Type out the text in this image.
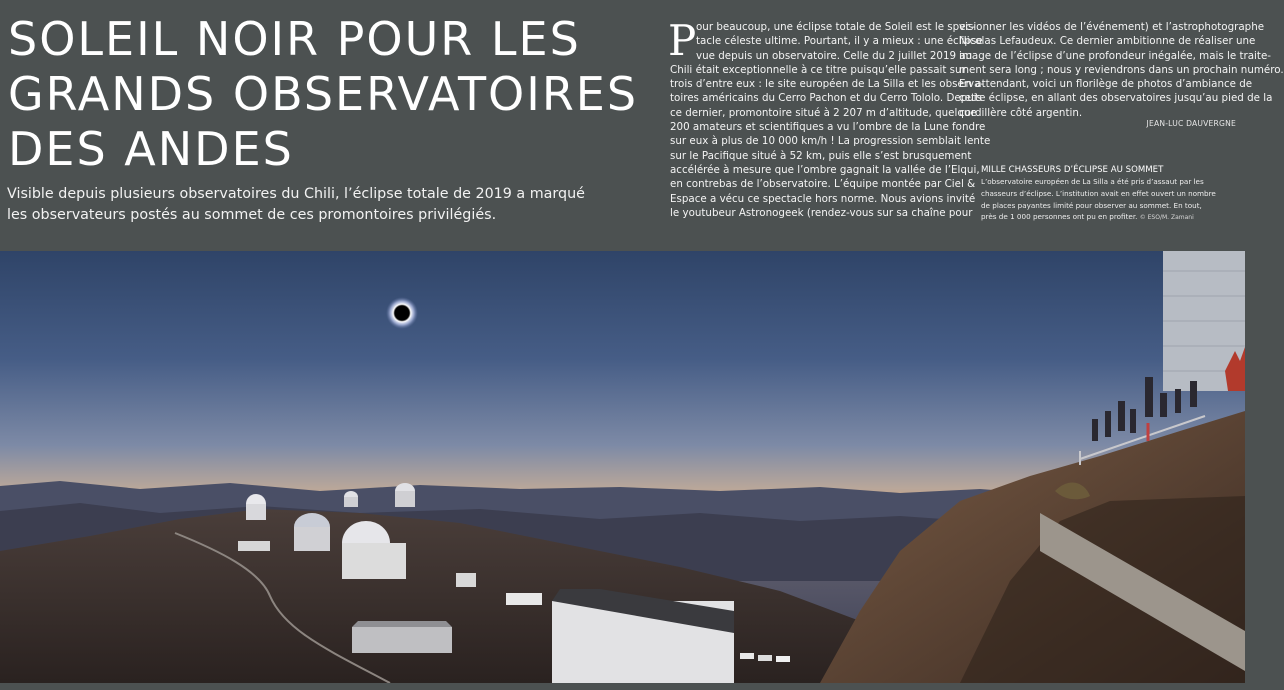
SOLEIL NOIR POUR LES
GRANDS OBSERVATOIRES
DES ANDES

Visible depuis plusieurs observatoires du Chili, l’éclipse totale de 2019 a marqué
les observateurs postés au sommet de ces promontoires privilégiés.

P our beaucoup, une éclipse totale de Soleil est le spec-
tacle céleste ultime. Pourtant, il y a mieux : une éclipse
vue depuis un observatoire. Celle du 2 juillet 2019 au
Chili était exceptionnelle à ce titre puisqu’elle passait sur
trois d’entre eux : le site européen de La Silla et les observa-
toires américains du Cerro Pachon et du Cerro Tololo. Depuis
ce dernier, promontoire situé à 2 207 m d’altitude, quelque
200 amateurs et scientifiques a vu l’ombre de la Lune fondre
sur eux à plus de 10 000 km/h ! La progression semblait lente
sur le Pacifique situé à 52 km, puis elle s’est brusquement
accélérée à mesure que l’ombre gagnait la vallée de l’Elqui,
en contrebas de l’observatoire. L’équipe montée par Ciel &
Espace a vécu ce spectacle hors norme. Nous avions invité
le youtubeur Astronogeek (rendez-vous sur sa chaîne pour
visionner les vidéos de l’événement) et l’astrophotographe
Nicolas Lefaudeux. Ce dernier ambitionne de réaliser une
image de l’éclipse d’une profondeur inégalée, mais le traite-
ment sera long ; nous y reviendrons dans un prochain numéro.
En attendant, voici un florilège de photos d’ambiance de
cette éclipse, en allant des observatoires jusqu’au pied de la
cordillère côté argentin.
JEAN-LUC DAUVERGNE
MILLE CHASSEURS D’ÉCLIPSE AU SOMMET
L’observatoire européen de La Silla a été pris d’assaut par les
chasseurs d’éclipse. L’institution avait en effet ouvert un nombre
de places payantes limité pour observer au sommet. En tout,
près de 1 000 personnes ont pu en profiter. © ESO/M. Zamani
